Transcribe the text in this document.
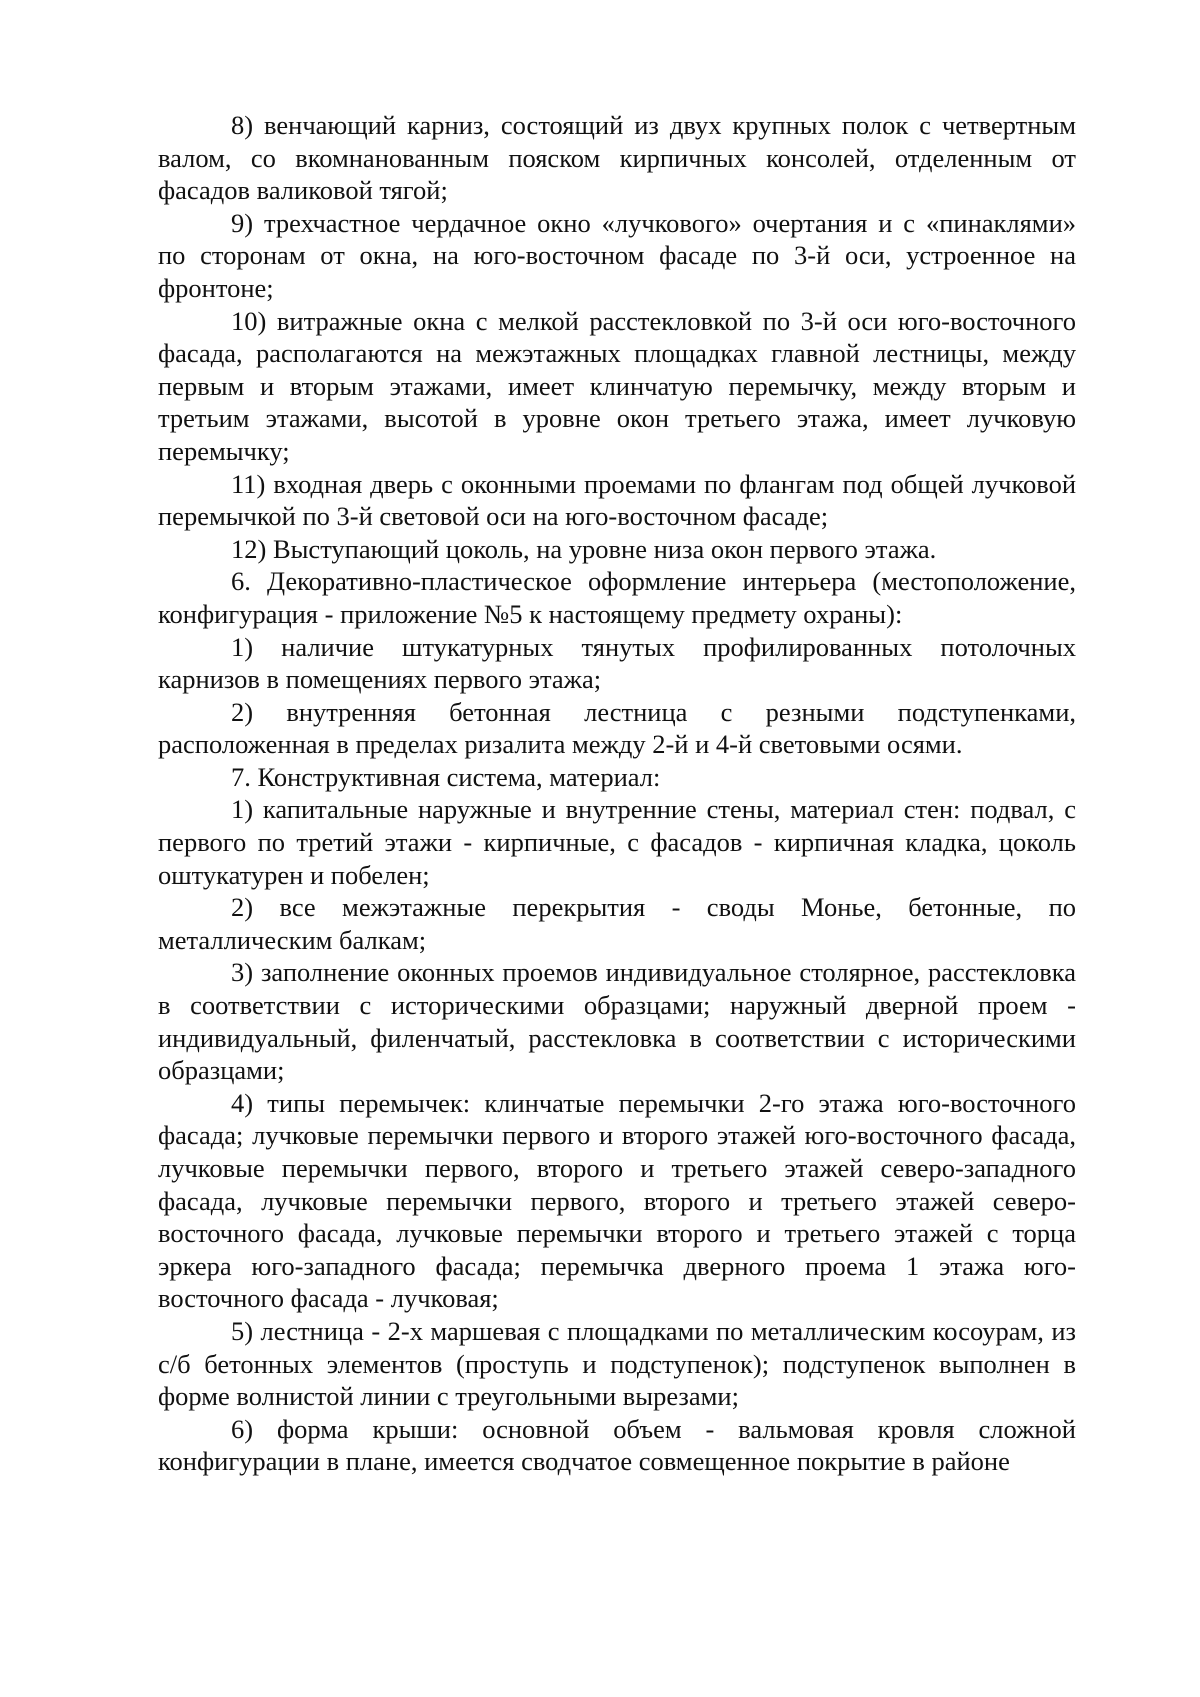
8) венчающий карниз, состоящий из двух крупных полок с четвертным валом, со вкомнанованным пояском кирпичных консолей, отделенным от фасадов валиковой тягой;

9) трехчастное чердачное окно «лучкового» очертания и с «пинаклями» по сторонам от окна, на юго-восточном фасаде по 3-й оси, устроенное на фронтоне;

10) витражные окна с мелкой расстекловкой по 3-й оси юго-восточного фасада, располагаются на межэтажных площадках главной лестницы, между первым и вторым этажами, имеет клинчатую перемычку, между вторым и третьим этажами, высотой в уровне окон третьего этажа, имеет лучковую перемычку;

11) входная дверь с оконными проемами по флангам под общей лучковой перемычкой по 3-й световой оси на юго-восточном фасаде;

12) Выступающий цоколь, на уровне низа окон первого этажа.

6. Декоративно-пластическое оформление интерьера (местоположение, конфигурация - приложение №5 к настоящему предмету охраны):

1) наличие штукатурных тянутых профилированных потолочных карнизов в помещениях первого этажа;

2) внутренняя бетонная лестница с резными подступенками, расположенная в пределах ризалита между 2-й и 4-й световыми осями.

7. Конструктивная система, материал:

1) капитальные наружные и внутренние стены, материал стен: подвал, с первого по третий этажи - кирпичные, с фасадов - кирпичная кладка, цоколь оштукатурен и побелен;

2) все межэтажные перекрытия - своды Монье, бетонные, по металлическим балкам;

3) заполнение оконных проемов индивидуальное столярное, расстекловка в соответствии с историческими образцами; наружный дверной проем - индивидуальный, филенчатый, расстекловка в соответствии с историческими образцами;

4) типы перемычек: клинчатые перемычки 2-го этажа юго-восточного фасада; лучковые перемычки первого и второго этажей юго-восточного фасада, лучковые перемычки первого, второго и третьего этажей северо-западного фасада, лучковые перемычки первого, второго и третьего этажей северо-восточного фасада, лучковые перемычки второго и третьего этажей с торца эркера юго-западного фасада; перемычка дверного проема 1 этажа юго-восточного фасада - лучковая;

5) лестница - 2-х маршевая с площадками по металлическим косоурам, из с/б бетонных элементов (проступь и подступенок); подступенок выполнен в форме волнистой линии с треугольными вырезами;

6) форма крыши: основной объем - вальмовая кровля сложной конфигурации в плане, имеется сводчатое совмещенное покрытие в районе
